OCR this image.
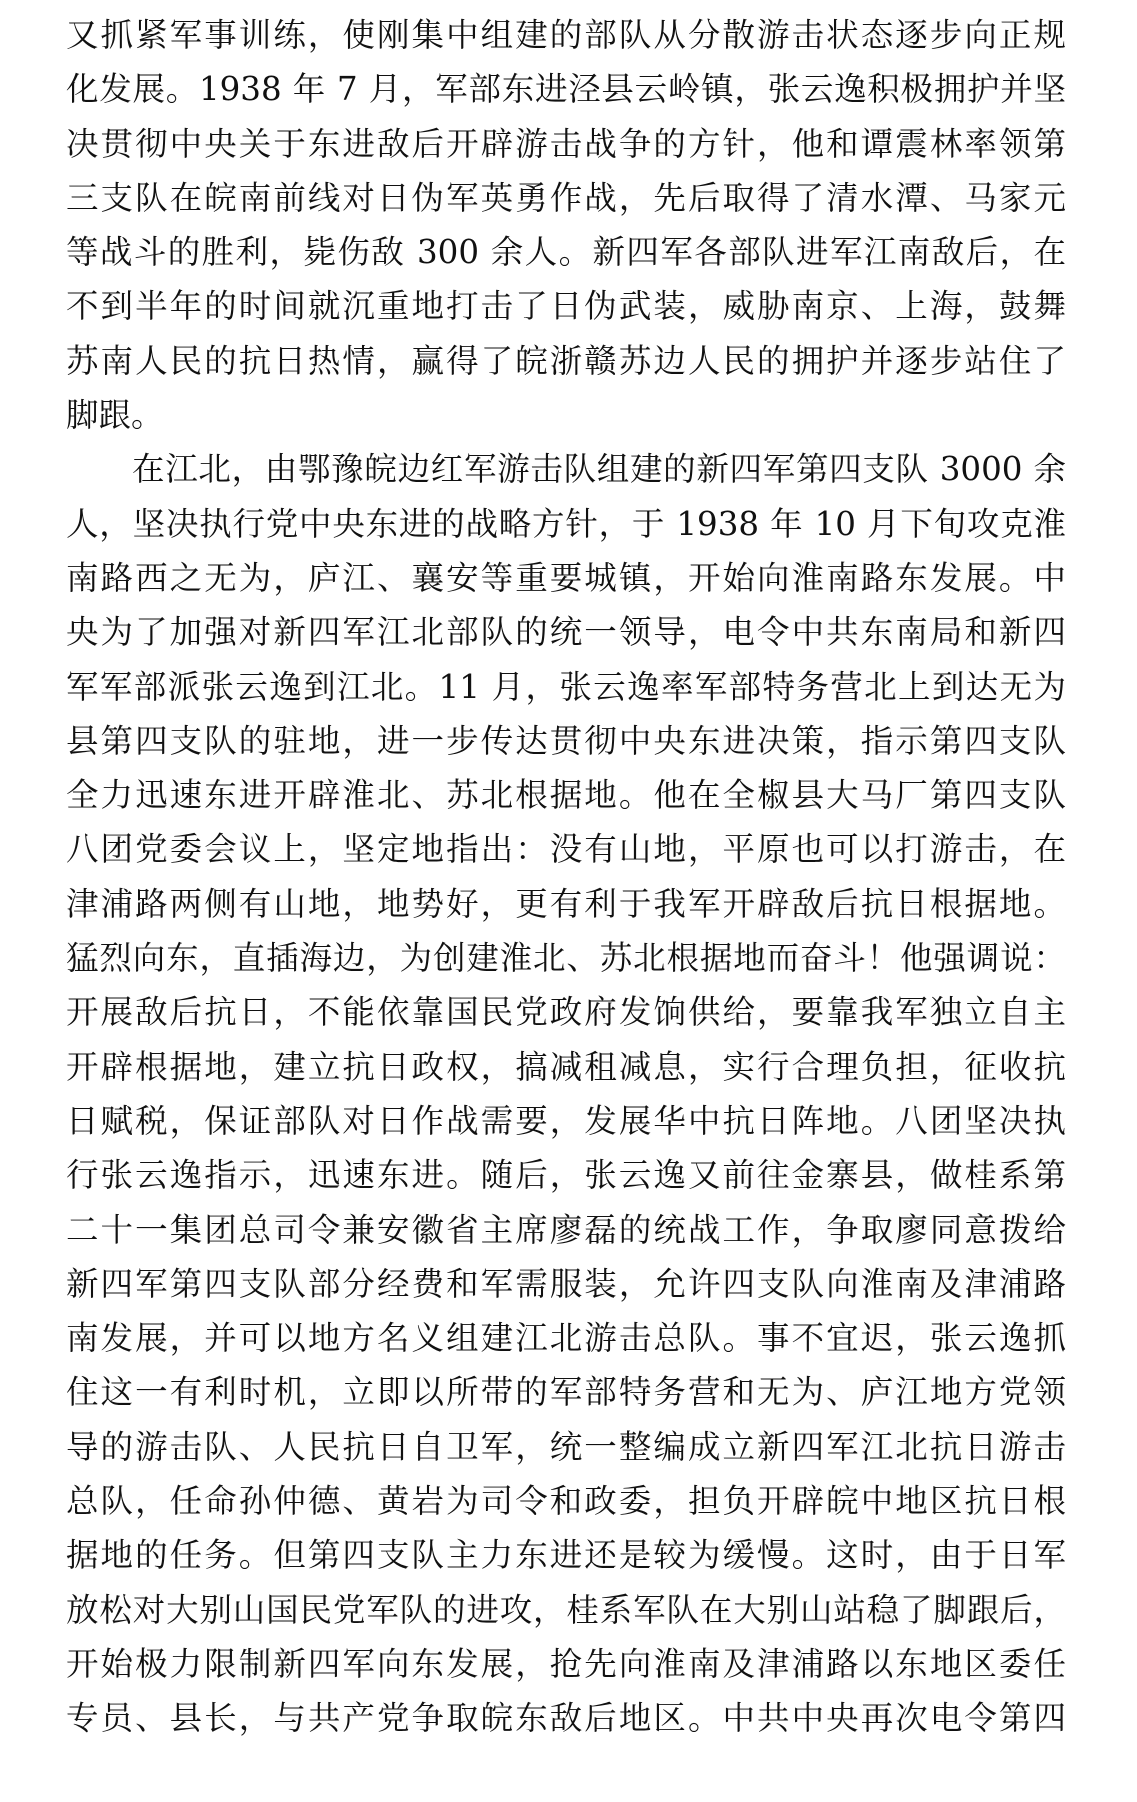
又抓紧军事训练，使刚集中组建的部队从分散游击状态逐步向正规
化发展。1938 年 7 月，军部东进泾县云岭镇，张云逸积极拥护并坚
决贯彻中央关于东进敌后开辟游击战争的方针，他和谭震林率领第
三支队在皖南前线对日伪军英勇作战，先后取得了清水潭、马家元
等战斗的胜利，毙伤敌 300 余人。新四军各部队进军江南敌后，在
不到半年的时间就沉重地打击了日伪武装，威胁南京、上海，鼓舞
苏南人民的抗日热情，赢得了皖浙赣苏边人民的拥护并逐步站住了
脚跟。
在江北，由鄂豫皖边红军游击队组建的新四军第四支队 3000 余
人，坚决执行党中央东进的战略方针，于 1938 年 10 月下旬攻克淮
南路西之无为，庐江、襄安等重要城镇，开始向淮南路东发展。中
央为了加强对新四军江北部队的统一领导，电令中共东南局和新四
军军部派张云逸到江北。11 月，张云逸率军部特务营北上到达无为
县第四支队的驻地，进一步传达贯彻中央东进决策，指示第四支队
全力迅速东进开辟淮北、苏北根据地。他在全椒县大马厂第四支队
八团党委会议上，坚定地指出：没有山地，平原也可以打游击，在
津浦路两侧有山地，地势好，更有利于我军开辟敌后抗日根据地。
猛烈向东，直插海边，为创建淮北、苏北根据地而奋斗！他强调说：
开展敌后抗日，不能依靠国民党政府发饷供给，要靠我军独立自主
开辟根据地，建立抗日政权，搞减租减息，实行合理负担，征收抗
日赋税，保证部队对日作战需要，发展华中抗日阵地。八团坚决执
行张云逸指示，迅速东进。随后，张云逸又前往金寨县，做桂系第
二十一集团总司令兼安徽省主席廖磊的统战工作，争取廖同意拨给
新四军第四支队部分经费和军需服装，允许四支队向淮南及津浦路
南发展，并可以地方名义组建江北游击总队。事不宜迟，张云逸抓
住这一有利时机，立即以所带的军部特务营和无为、庐江地方党领
导的游击队、人民抗日自卫军，统一整编成立新四军江北抗日游击
总队，任命孙仲德、黄岩为司令和政委，担负开辟皖中地区抗日根
据地的任务。但第四支队主力东进还是较为缓慢。这时，由于日军
放松对大别山国民党军队的进攻，桂系军队在大别山站稳了脚跟后，
开始极力限制新四军向东发展，抢先向淮南及津浦路以东地区委任
专员、县长，与共产党争取皖东敌后地区。中共中央再次电令第四
